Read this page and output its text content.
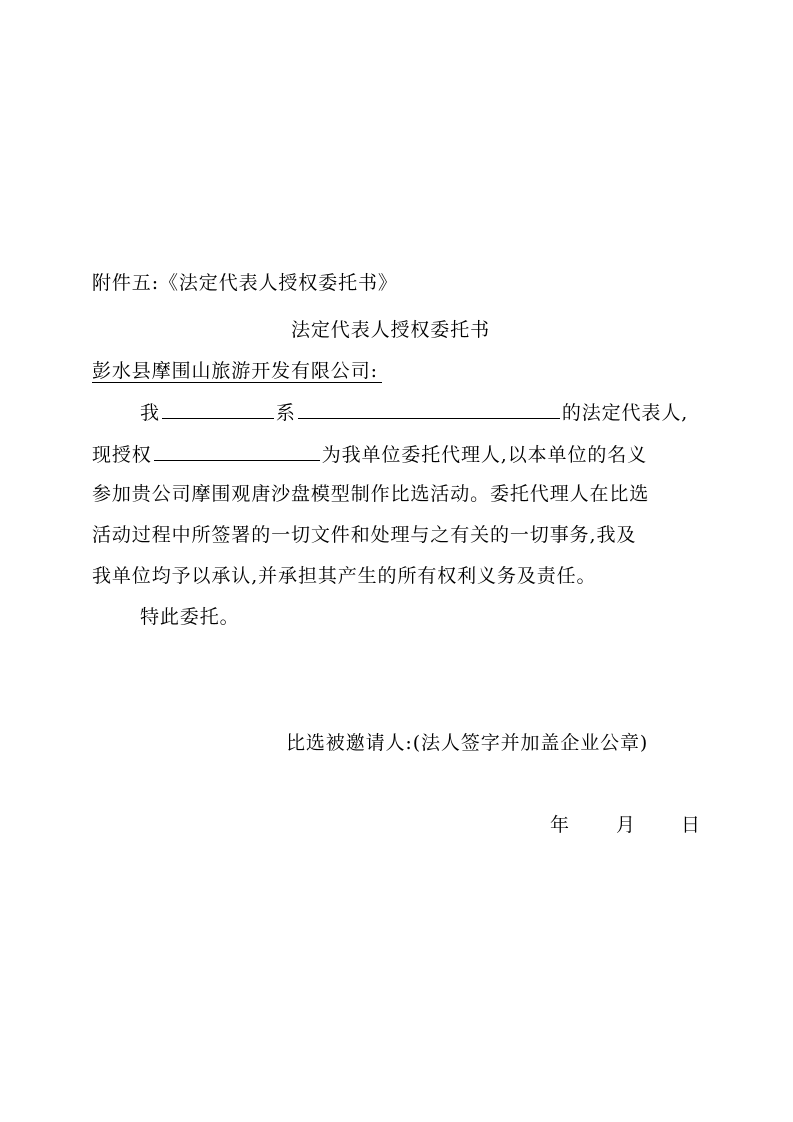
附件五:《法定代表人授权委托书》
法定代表人授权委托书
彭水县摩围山旅游开发有限公司:
我	系	的法定代表人,
现授权	为我单位委托代理人,以本单位的名义
参加贵公司摩围观唐沙盘模型制作比选活动。委托代理人在比选
活动过程中所签署的一切文件和处理与之有关的一切事务,我及
我单位均予以承认,并承担其产生的所有权利义务及责任。
特此委托。
比选被邀请人:(法人签字并加盖企业公章)
年 月 日
